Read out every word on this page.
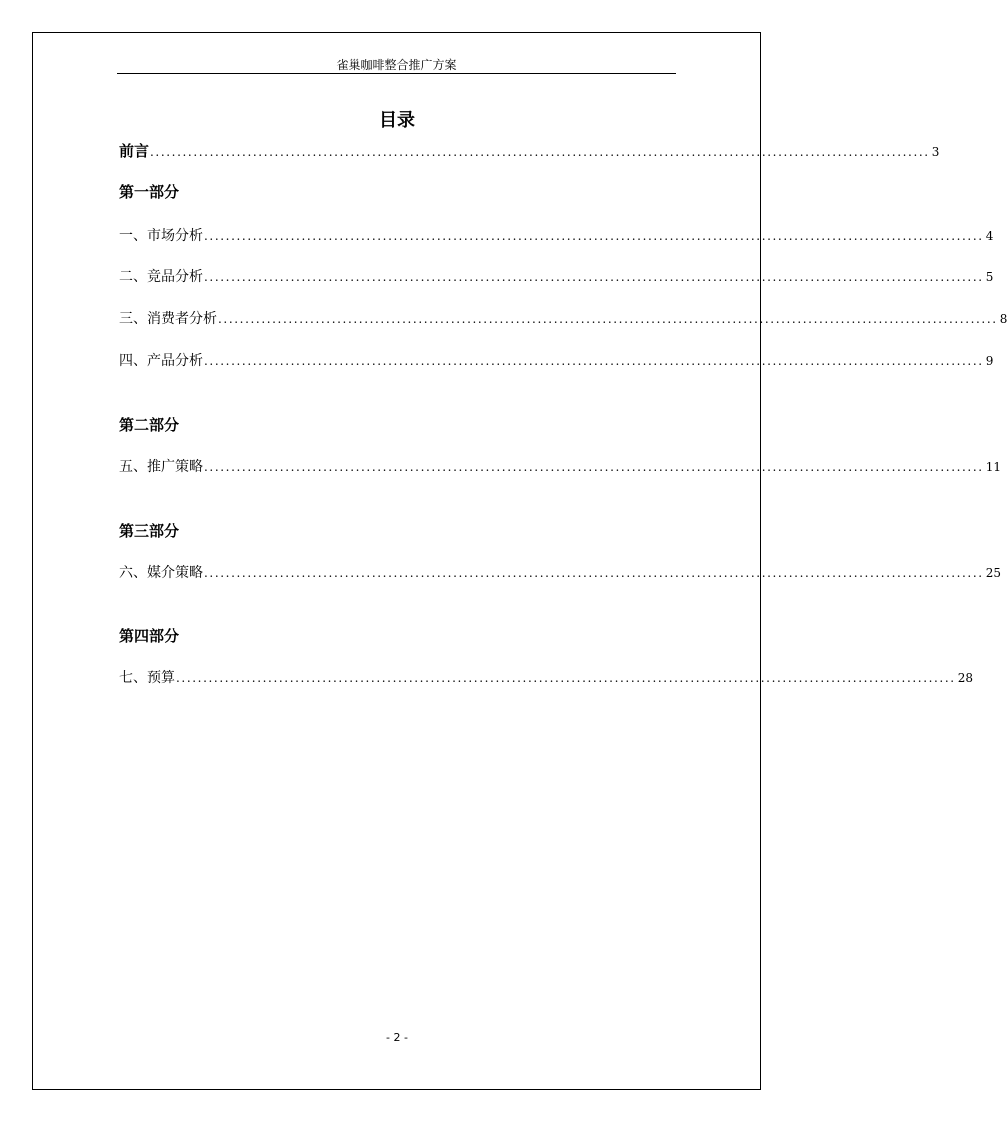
雀巢咖啡整合推广方案
目录
前言 ................................................................................................................................................ 3
第一部分
一、市场分析 ................................................................................................................................................ 4
二、竞品分析 ................................................................................................................................................ 5
三、消费者分析 ................................................................................................................................................ 8
四、产品分析 ................................................................................................................................................ 9
第二部分
五、推广策略 ................................................................................................................................................ 11
第三部分
六、媒介策略 ................................................................................................................................................ 25
第四部分
七、预算 ................................................................................................................................................ 28
- 2 -
